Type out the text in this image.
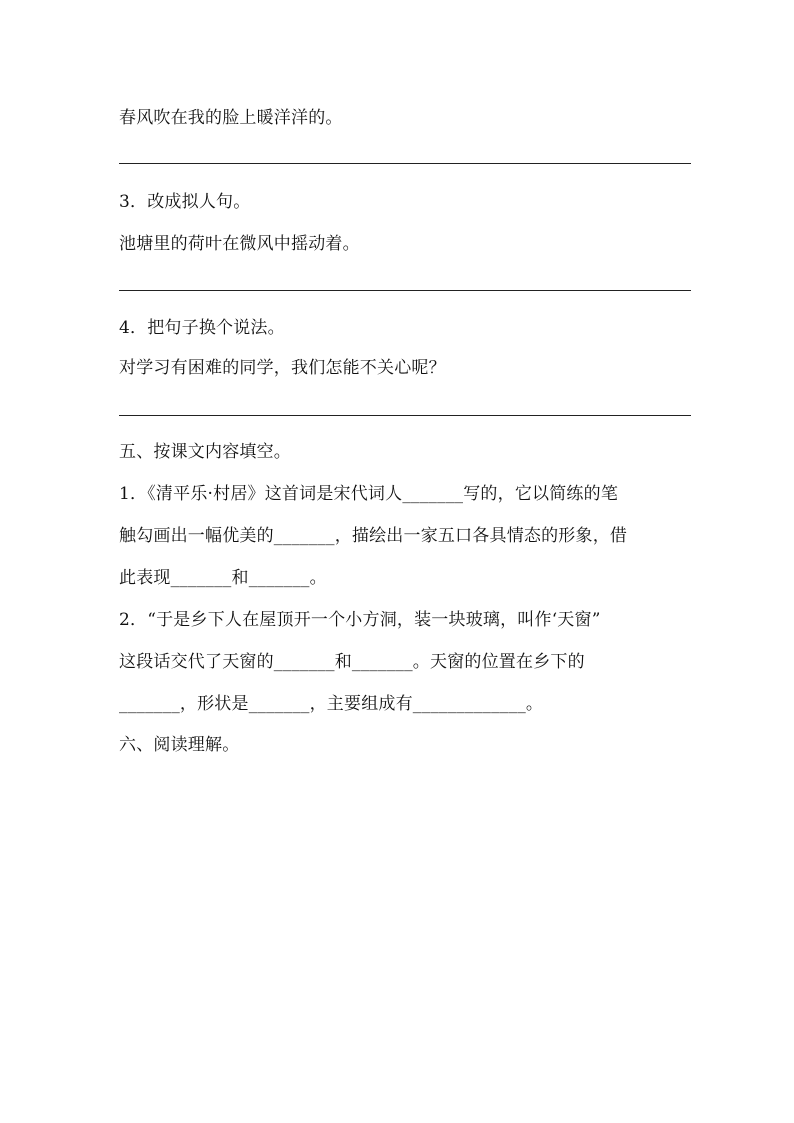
春风吹在我的脸上暖洋洋的。
3．改成拟人句。
池塘里的荷叶在微风中摇动着。
4．把句子换个说法。
对学习有困难的同学，我们怎能不关心呢？
五、按课文内容填空。
1．《清平乐·村居》这首词是宋代词人_______写的，它以简练的笔
触勾画出一幅优美的_______，描绘出一家五口各具情态的形象，借
此表现_______和_______。
2．“于是乡下人在屋顶开一个小方洞，装一块玻璃，叫作‘天窗”
这段话交代了天窗的_______和_______。天窗的位置在乡下的
_______，形状是_______，主要组成有_____________。
六、阅读理解。
